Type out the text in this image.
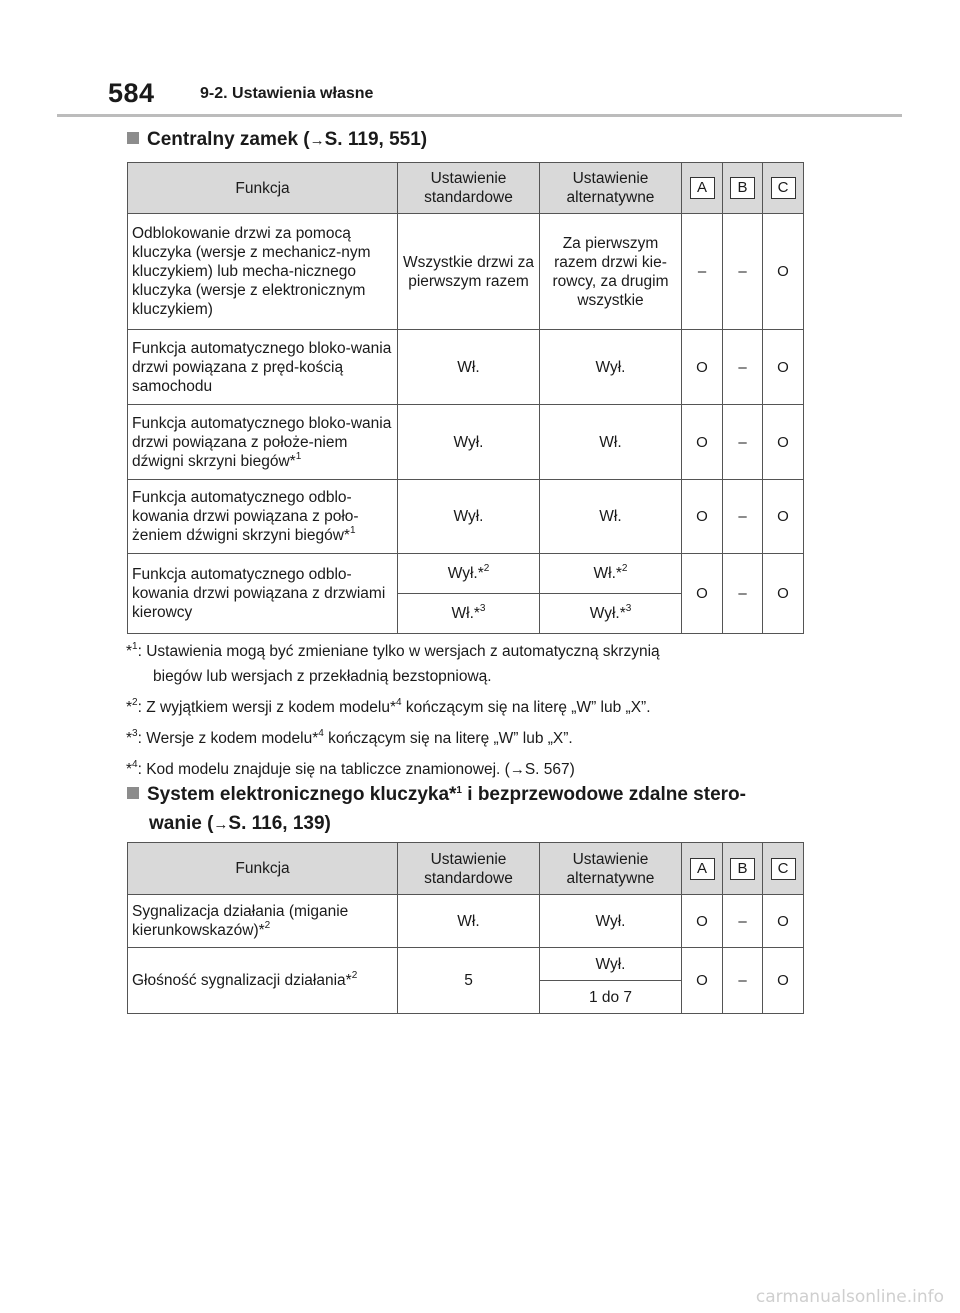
584	9-2. Ustawienia własne
Centralny zamek (→S. 119, 551)
Funkcja	Ustawienie standardowe	Ustawienie alternatywne	A	B	C
Odblokowanie drzwi za pomocą kluczyka (wersje z mechanicz-nym kluczykiem) lub mecha-nicznego kluczyka (wersje z elektronicznym kluczykiem)	Wszystkie drzwi za pierwszym razem	Za pierwszym razem drzwi kie-rowcy, za drugim wszystkie	–	–	O
Funkcja automatycznego bloko-wania drzwi powiązana z pręd-kością samochodu	Wł.	Wył.	O	–	O
Funkcja automatycznego bloko-wania drzwi powiązana z położe-niem dźwigni skrzyni biegów*$^1$	Wył.	Wł.	O	–	O
Funkcja automatycznego odblo-kowania drzwi powiązana z poło-żeniem dźwigni skrzyni biegów*$^1$	Wył.	Wł.	O	–	O
Funkcja automatycznego odblo-kowania drzwi powiązana z drzwiami kierowcy	Wył.*$^2$	Wł.*$^2$	O	–	O
	Wł.*$^3$	Wył.*$^3$
*$^1$: Ustawienia mogą być zmieniane tylko w wersjach z automatyczną skrzynią
biegów lub wersjach z przekładnią bezstopniową.
*$^2$: Z wyjątkiem wersji z kodem modelu*$^4$ kończącym się na literę „W” lub „X”.
*$^3$: Wersje z kodem modelu*$^4$ kończącym się na literę „W” lub „X”.
*$^4$: Kod modelu znajduje się na tabliczce znamionowej. (→S. 567)
System elektronicznego kluczyka*$^1$ i bezprzewodowe zdalne stero-
wanie (→S. 116, 139)
Funkcja	Ustawienie standardowe	Ustawienie alternatywne	A	B	C
Sygnalizacja działania (miganie kierunkowskazów)*$^2$	Wł.	Wył.	O	–	O
Głośność sygnalizacji działania*$^2$	5	Wył.	O	–	O
		1 do 7			
carmanualsonline.info
